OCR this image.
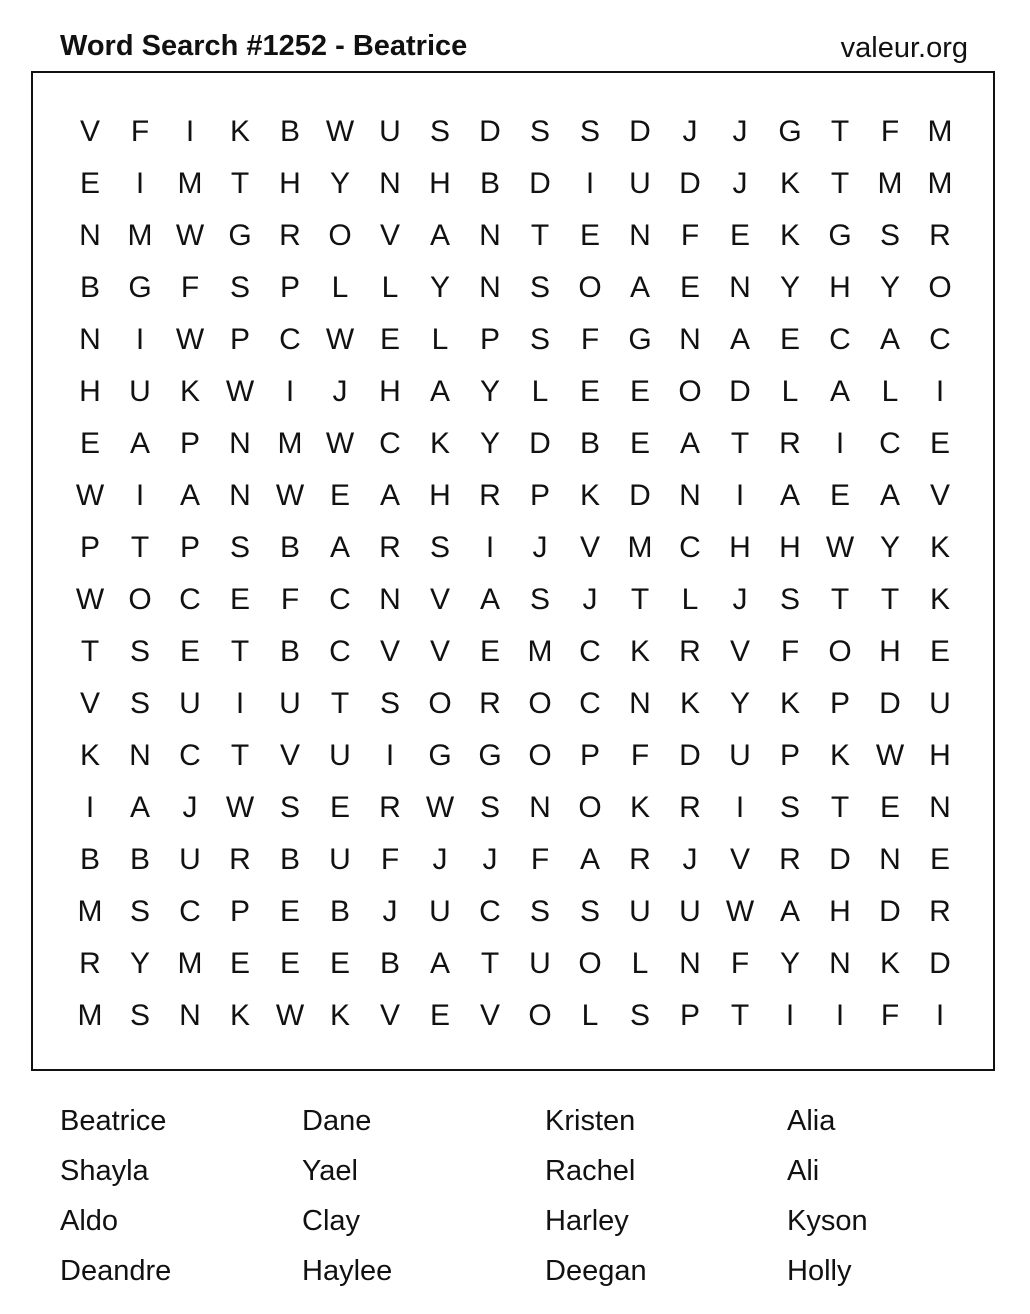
Word Search #1252 - Beatrice	valeur.org
V	F	I	K B W U S D S S D	J	J	G T	F M
E	I	M T	H Y N H B D	I	U D	J	K	T M M
N M W G R O V A N	T	E N	F	E K G S R
B G F	S P	L	L	Y N S O A E N Y H Y O
N	I	W P C W E	L	P S	F G N A E C A C
H U K W	I	J	H A Y	L	E E O D	L	A	L	I
E A P N M W C K Y D B E A	T	R	I	C E
W	I	A N W E A H R P K D N	I	A E A V
P	T	P S B A R S	I	J	V M C H H W Y K
W O C E	F	C N V A S	J	T	L	J	S	T	T	K
T	S E	T	B C V V E M C K R V	F O H E
V S U	I	U	T	S O R O C N K Y K P D U
K N C	T	V U	I	G G O P	F	D U P K W H
I	A	J W S E R W S N O K R	I	S	T	E N
B B U R B U	F	J	J	F	A R	J	V R D N E
M S C P E B	J	U C S S U U W A H D R
R Y M E E E B A	T	U O L	N	F	Y N K D
M S N K W K V E V O L	S P	T	I	I	F	I
Beatrice
Shayla
Aldo
Deandre
Dane
Yael
Clay
Haylee
Kristen
Rachel
Harley
Deegan
Alia
Ali
Kyson
Holly
